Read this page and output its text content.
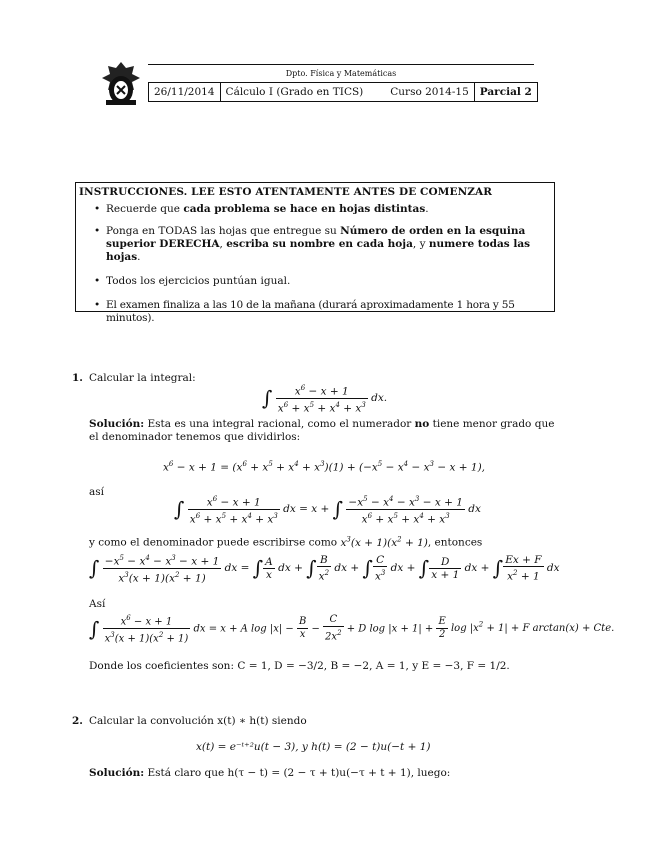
Dpto. Física y Matemáticas
26/11/2014	Cálculo I (Grado en TICS)	Curso 2014-15	Parcial 2
INSTRUCCIONES. LEE ESTO ATENTAMENTE ANTES DE COMENZAR
• Recuerde que cada problema se hace en hojas distintas.
• Ponga en TODAS las hojas que entregue su Número de orden en la esquina superior DERECHA, escriba su nombre en cada hoja, y numere todas las hojas.
• Todos los ejercicios puntúan igual.
• El examen finaliza a las 10 de la mañana (durará aproximadamente 1 hora y 55 minutos).
1. Calcular la integral:
∫ $\frac{x^6 - x + 1}{x^6 + x^5 + x^4 + x^3}$ dx.
Solución: Esta es una integral racional, como el numerador no tiene menor grado que el denominador tenemos que dividirlos:
$x^6 - x + 1 = (x^6 + x^5 + x^4 + x^3)(1) + (-x^5 - x^4 - x^3 - x + 1)$,
así
∫ $\frac{x^6 - x + 1}{x^6 + x^5 + x^4 + x^3}$ dx = x + ∫ $\frac{-x^5 - x^4 - x^3 - x + 1}{x^6 + x^5 + x^4 + x^3}$ dx
y como el denominador puede escribirse como $x^3(x + 1)(x^2 + 1)$, entonces
∫ $\frac{-x^5 - x^4 - x^3 - x + 1}{x^3(x + 1)(x^2 + 1)}$ dx = ∫ $\frac{A}{x}$ dx + ∫ $\frac{B}{x^2}$ dx + ∫ $\frac{C}{x^3}$ dx + ∫ $\frac{D}{x + 1}$ dx + ∫ $\frac{Ex + F}{x^2 + 1}$ dx
Así
∫ $\frac{x^6 - x + 1}{x^3(x + 1)(x^2 + 1)}$ dx = x + A $\log |x| - \frac{B}{x} - \frac{C}{2x^2} + D$ $\log |x + 1| + \frac{E}{2}$ $\log |x^2 + 1| + F$ arctan(x) + Cte.
Donde los coeficientes son: C = 1, D = −3/2, B = −2, A = 1, y E = −3, F = 1/2.
2. Calcular la convolución x(t) ∗ h(t) siendo
x(t) = e⁻ᵗ⁺²u(t − 3), y h(t) = (2 − t)u(−t + 1)
Solución: Está claro que h(τ − t) = (2 − τ + t)u(−τ + t + 1), luego:
